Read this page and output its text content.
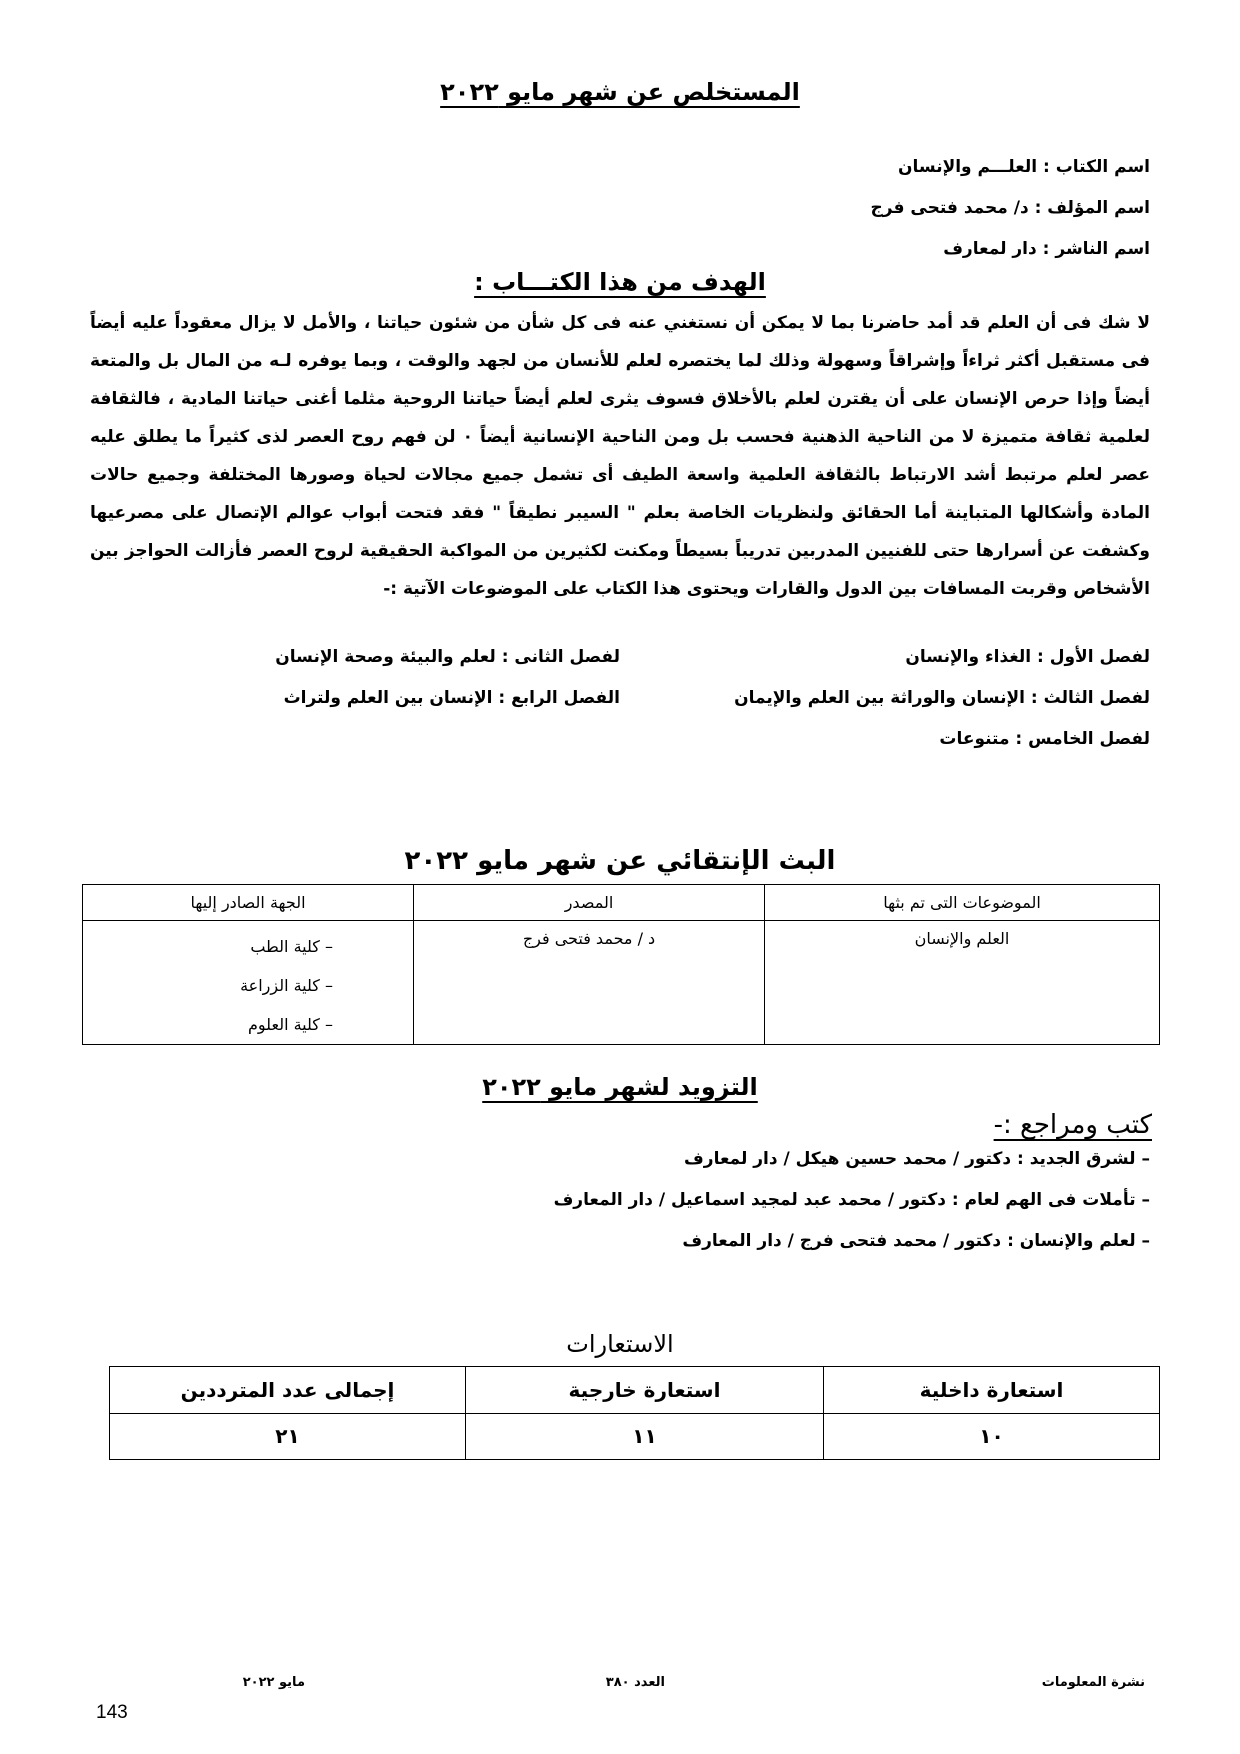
المستخلص عن شهر مايو ٢٠٢٢
اسم الكتاب : العلـــم والإنسان
اسم المؤلف : د/ محمد فتحى فرج
اسم الناشر : دار لمعارف
الهدف من هذا الكتـــاب :
لا شك فى أن العلم قد أمد حاضرنا بما لا يمكن أن نستغني عنه فى كل شأن من شئون حياتنا ، والأمل لا يزال معقوداً عليه أيضاً فى مستقبل أكثر ثراءاً وإشراقاً وسهولة وذلك لما يختصره لعلم للأنسان من لجهد والوقت ، وبما يوفره لـه من المال بل والمتعة أيضاً وإذا حرص الإنسان على أن يقترن لعلم بالأخلاق فسوف يثرى لعلم أيضاً حياتنا الروحية مثلما أغنى حياتنا المادية ، فالثقافة لعلمية ثقافة متميزة لا من الناحية الذهنية فحسب بل ومن الناحية الإنسانية أيضاً ٠ لن فهم روح العصر لذى كثيراً ما يطلق عليه عصر لعلم مرتبط أشد الارتباط بالثقافة العلمية واسعة الطيف أى تشمل جميع مجالات لحياة وصورها المختلفة وجميع حالات المادة وأشكالها المتباينة أما الحقائق ولنظريات الخاصة بعلم " السيبر نطيقاً " فقد فتحت أبواب عوالم الإتصال على مصرعيها وكشفت عن أسرارها حتى للفنيين المدربين تدريباً بسيطاً ومكنت لكثيرين من المواكبة الحقيقية لروح العصر فأزالت الحواجز بين الأشخاص وقربت المسافات بين الدول والقارات ويحتوى هذا الكتاب على الموضوعات الآتية :-
لفصل الأول : الغذاء والإنسان
لفصل الثانى : لعلم والبيئة وصحة الإنسان
لفصل الثالث : الإنسان والوراثة بين العلم والإيمان
الفصل الرابع : الإنسان بين العلم ولتراث
لفصل الخامس : متنوعات
البث الإنتقائي عن شهر مايو ٢٠٢٢
الموضوعات التى تم بثها	المصدر	الجهة الصادر إليها
العلم والإنسان	د / محمد فتحى فرج	– كلية الطب
– كلية الزراعة
– كلية العلوم
التزويد لشهر مايو ٢٠٢٢
كتب ومراجع :-
– لشرق الجديد : دكتور / محمد حسين هيكل / دار لمعارف
– تأملات فى الهم لعام : دكتور / محمد عبد لمجيد اسماعيل / دار المعارف
– لعلم والإنسان : دكتور / محمد فتحى فرج / دار المعارف
الاستعارات
استعارة داخلية	استعارة خارجية	إجمالى عدد المترددين
١٠	١١	٢١
نشرة المعلومات
العدد ٣٨٠
مايو ٢٠٢٢
143
